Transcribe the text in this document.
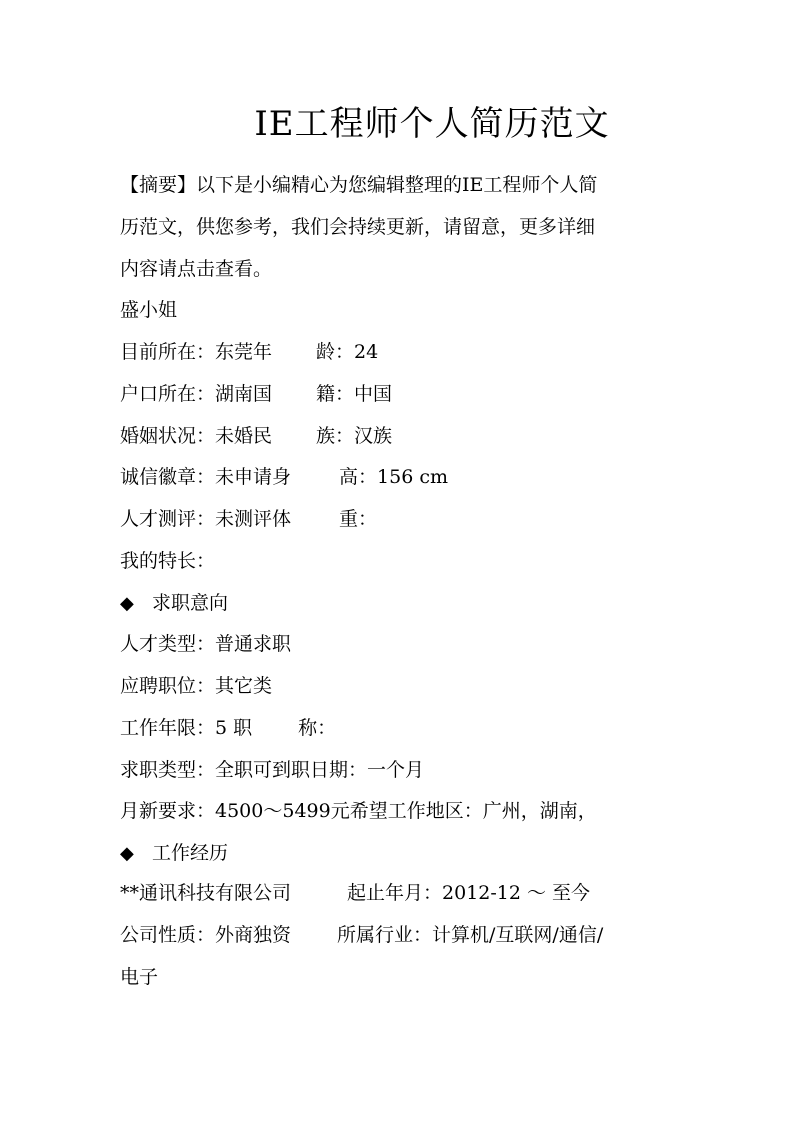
IE工程师个人简历范文
【摘要】以下是小编精心为您编辑整理的IE工程师个人简
历范文，供您参考，我们会持续更新，请留意，更多详细
内容请点击查看。
盛小姐
目前所在：东莞年 龄：24
户口所在：湖南国 籍：中国
婚姻状况：未婚民 族：汉族
诚信徽章：未申请身	高：156 cm
人才测评：未测评体	重：
我的特长：
◆ 求职意向
人才类型：普通求职
应聘职位：其它类
工作年限：5 职 称：
求职类型：全职可到职日期：一个月
月新要求：4500～5499元希望工作地区：广州，湖南，
◆ 工作经历
**通讯科技有限公司	起止年月：2012-12 ～ 至今
公司性质：外商独资 所属行业：计算机/互联网/通信/
电子
